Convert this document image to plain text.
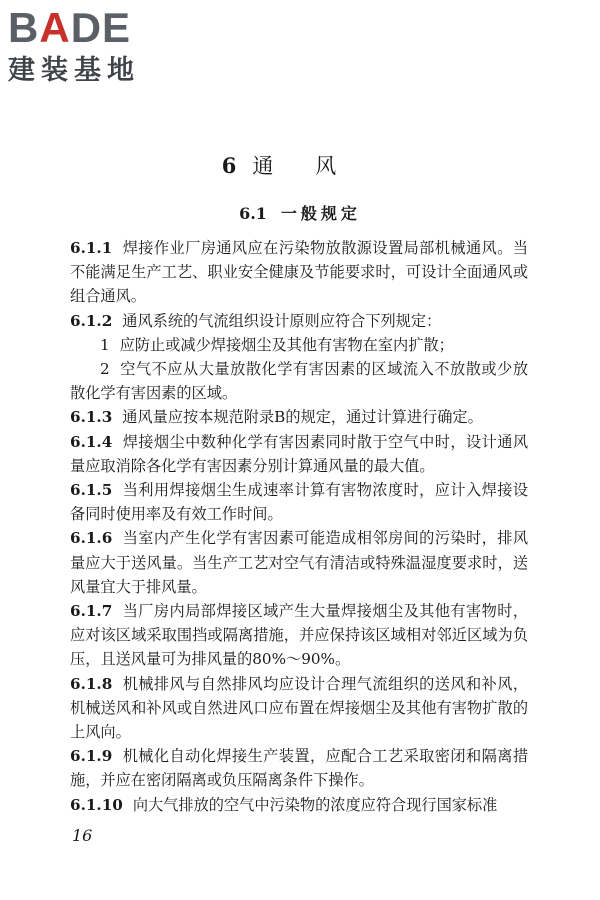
BADE
建装基地
6 通风
6.1 一般规定

6.1.1 焊接作业厂房通风应在污染物放散源设置局部机械通风。当不能满足生产工艺、职业安全健康及节能要求时，可设计全面通风或组合通风。

6.1.2 通风系统的气流组织设计原则应符合下列规定：

1 应防止或减少焊接烟尘及其他有害物在室内扩散；

2 空气不应从大量放散化学有害因素的区域流入不放散或少放散化学有害因素的区域。

6.1.3 通风量应按本规范附录B的规定，通过计算进行确定。

6.1.4 焊接烟尘中数种化学有害因素同时散于空气中时，设计通风量应取消除各化学有害因素分别计算通风量的最大值。

6.1.5 当利用焊接烟尘生成速率计算有害物浓度时，应计入焊接设备同时使用率及有效工作时间。

6.1.6 当室内产生化学有害因素可能造成相邻房间的污染时，排风量应大于送风量。当生产工艺对空气有清洁或特殊温湿度要求时，送风量宜大于排风量。

6.1.7 当厂房内局部焊接区域产生大量焊接烟尘及其他有害物时，应对该区域采取围挡或隔离措施，并应保持该区域相对邻近区域为负压，且送风量可为排风量的80%～90%。

6.1.8 机械排风与自然排风均应设计合理气流组织的送风和补风，机械送风和补风或自然进风口应布置在焊接烟尘及其他有害物扩散的上风向。

6.1.9 机械化自动化焊接生产装置，应配合工艺采取密闭和隔离措施，并应在密闭隔离或负压隔离条件下操作。

6.1.10 向大气排放的空气中污染物的浓度应符合现行国家标准

16
